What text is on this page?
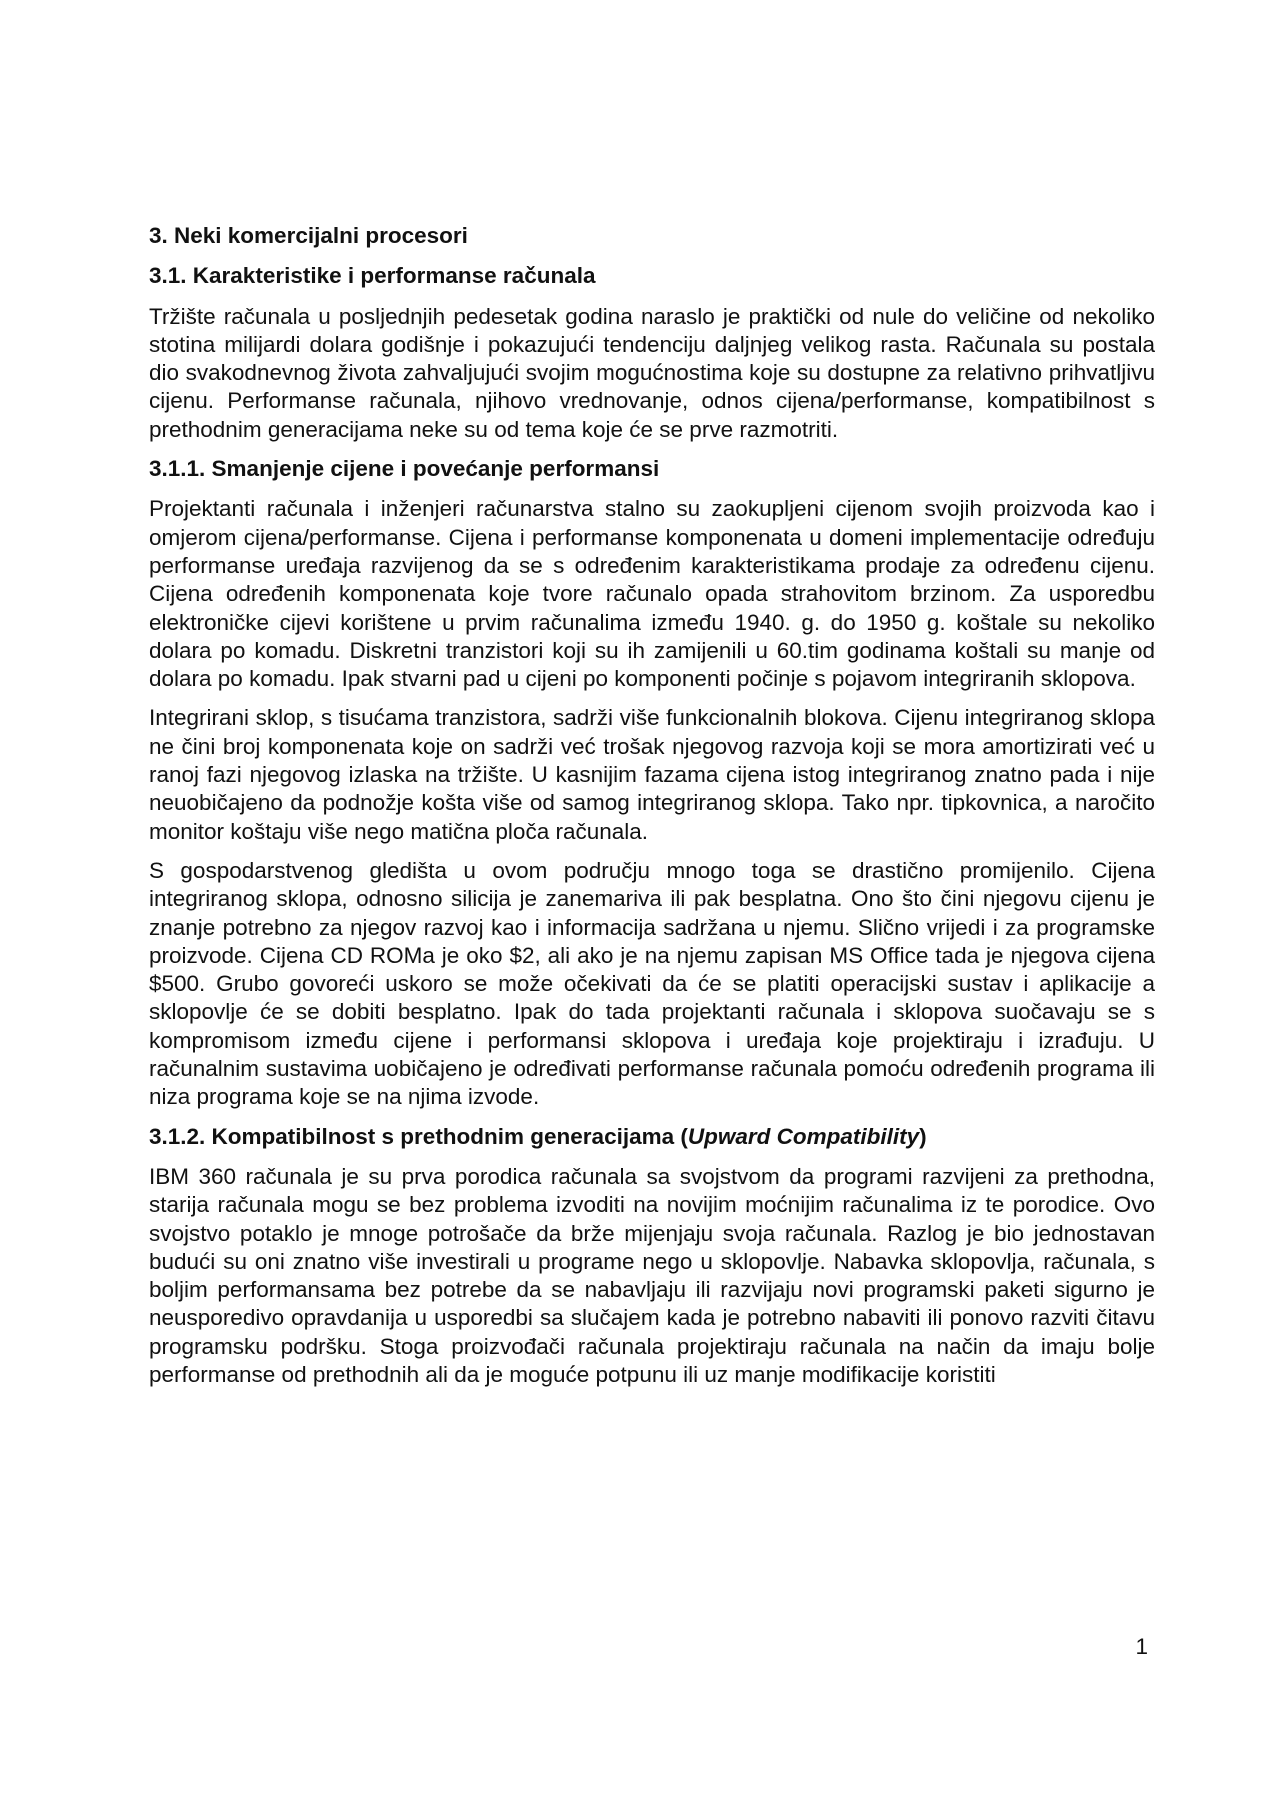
3. Neki komercijalni procesori
3.1. Karakteristike i performanse računala

Tržište računala u posljednjih pedesetak godina naraslo je praktički od nule do veličine od nekoliko stotina milijardi dolara godišnje i pokazujući tendenciju daljnjeg velikog rasta. Računala su postala dio svakodnevnog života zahvaljujući svojim mogućnostima koje su dostupne za relativno prihvatljivu cijenu. Performanse računala, njihovo vrednovanje, odnos cijena/performanse, kompatibilnost s prethodnim generacijama neke su od tema koje će se prve razmotriti.

3.1.1. Smanjenje cijene i povećanje performansi

Projektanti računala i inženjeri računarstva stalno su zaokupljeni cijenom svojih proizvoda kao i omjerom cijena/performanse. Cijena i performanse komponenata u domeni implementacije određuju performanse uređaja razvijenog da se s određenim karakteristikama prodaje za određenu cijenu. Cijena određenih komponenata koje tvore računalo opada strahovitom brzinom. Za usporedbu elektroničke cijevi korištene u prvim računalima između 1940. g. do 1950 g. koštale su nekoliko dolara po komadu. Diskretni tranzistori koji su ih zamijenili u 60.tim godinama koštali su manje od dolara po komadu. Ipak stvarni pad u cijeni po komponenti počinje s pojavom integriranih sklopova.

Integrirani sklop, s tisućama tranzistora, sadrži više funkcionalnih blokova. Cijenu integriranog sklopa ne čini broj komponenata koje on sadrži već trošak njegovog razvoja koji se mora amortizirati već u ranoj fazi njegovog izlaska na tržište. U kasnijim fazama cijena istog integriranog znatno pada i nije neuobičajeno da podnožje košta više od samog integriranog sklopa. Tako npr. tipkovnica, a naročito monitor koštaju više nego matična ploča računala.

S gospodarstvenog gledišta u ovom području mnogo toga se drastično promijenilo. Cijena integriranog sklopa, odnosno silicija je zanemariva ili pak besplatna. Ono što čini njegovu cijenu je znanje potrebno za njegov razvoj kao i informacija sadržana u njemu. Slično vrijedi i za programske proizvode. Cijena CD ROMa je oko $2, ali ako je na njemu zapisan MS Office tada je njegova cijena $500. Grubo govoreći uskoro se može očekivati da će se platiti operacijski sustav i aplikacije a sklopovlje će se dobiti besplatno. Ipak do tada projektanti računala i sklopova suočavaju se s kompromisom između cijene i performansi sklopova i uređaja koje projektiraju i izrađuju. U računalnim sustavima uobičajeno je određivati performanse računala pomoću određenih programa ili niza programa koje se na njima izvode.

3.1.2. Kompatibilnost s prethodnim generacijama (Upward Compatibility)

IBM 360 računala je su prva porodica računala sa svojstvom da programi razvijeni za prethodna, starija računala mogu se bez problema izvoditi na novijim moćnijim računalima iz te porodice. Ovo svojstvo potaklo je mnoge potrošače da brže mijenjaju svoja računala. Razlog je bio jednostavan budući su oni znatno više investirali u programe nego u sklopovlje. Nabavka sklopovlja, računala, s boljim performansama bez potrebe da se nabavljaju ili razvijaju novi programski paketi sigurno je neusporedivo opravdanija u usporedbi sa slučajem kada je potrebno nabaviti ili ponovo razviti čitavu programsku podršku. Stoga proizvođači računala projektiraju računala na način da imaju bolje performanse od prethodnih ali da je moguće potpunu ili uz manje modifikacije koristiti

1
